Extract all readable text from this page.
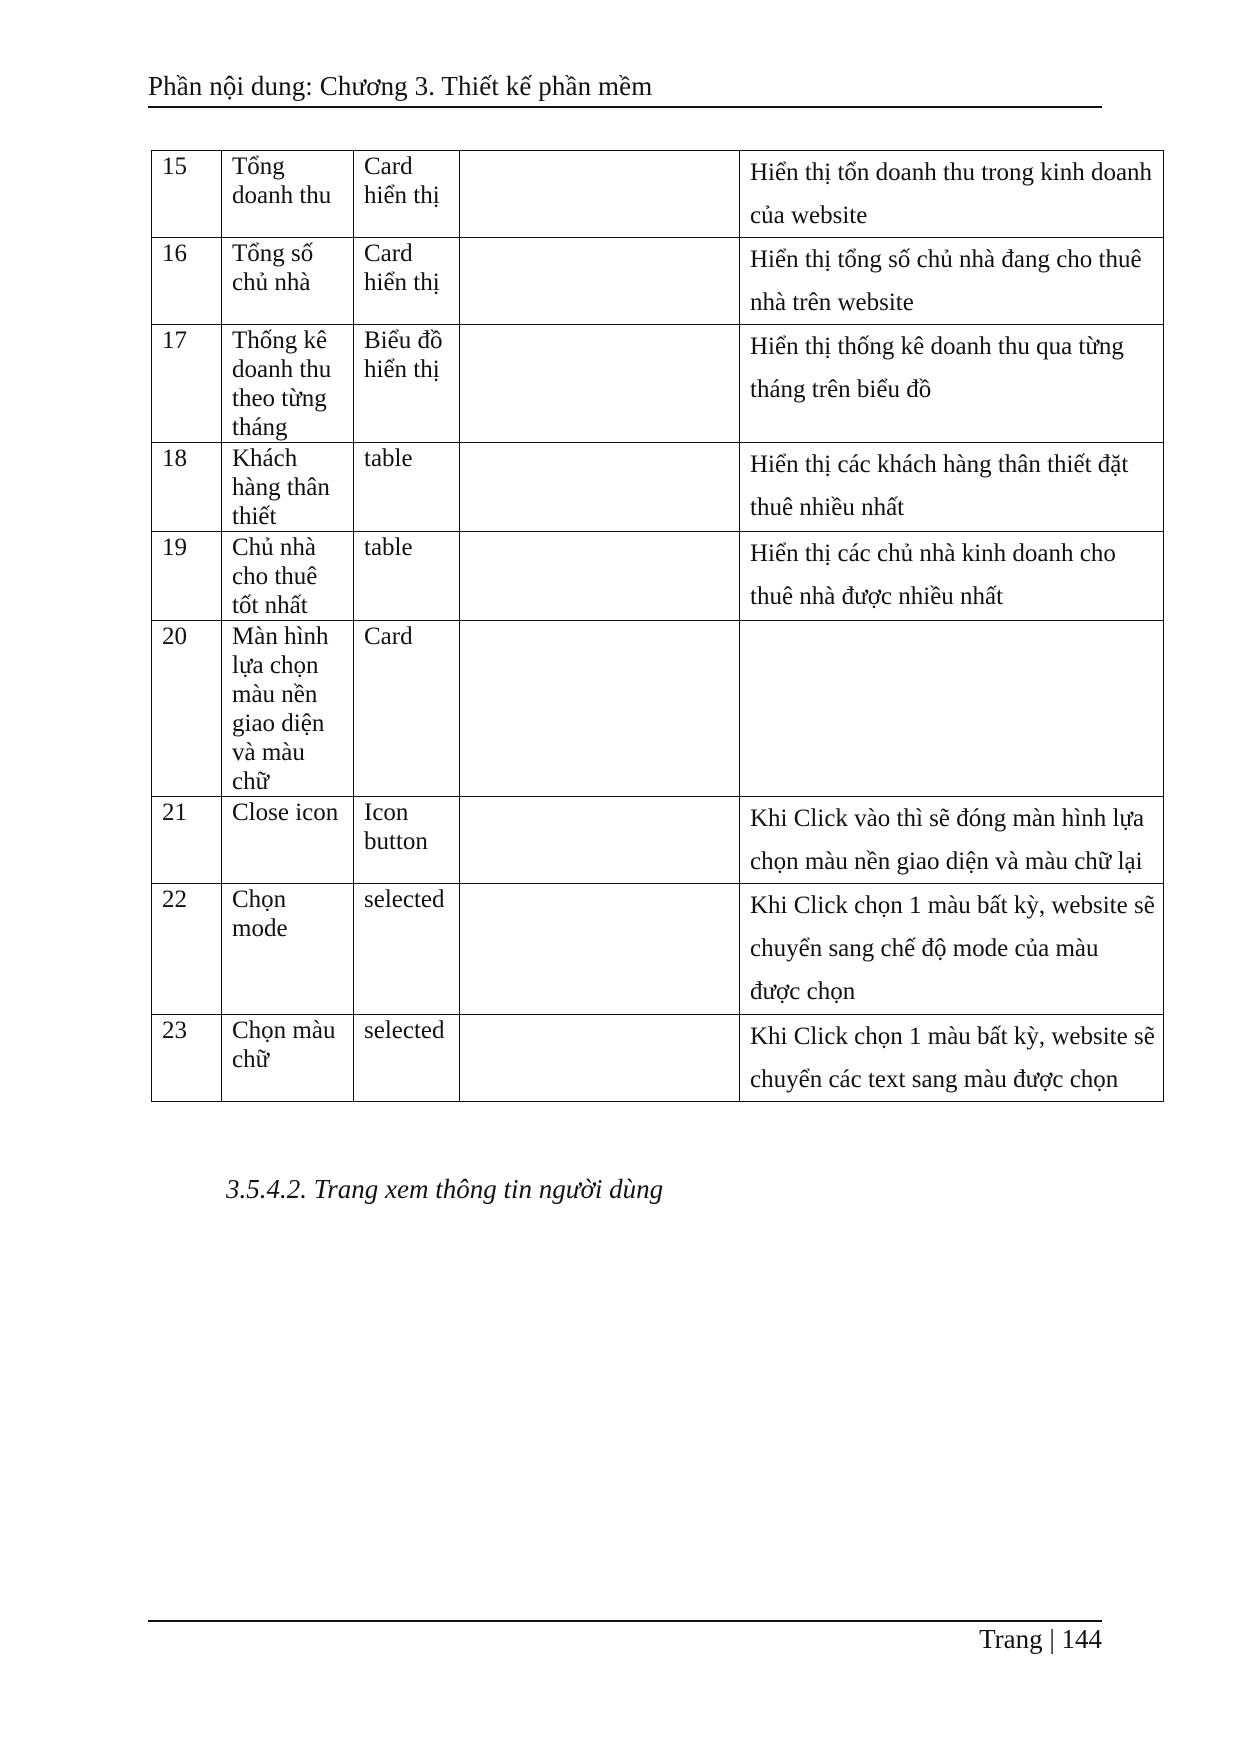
Phần nội dung: Chương 3. Thiết kế phần mềm
15	Tổng doanh thu	Card hiển thị		Hiển thị tổn doanh thu trong kinh doanh của website
16	Tổng số chủ nhà	Card hiển thị		Hiển thị tổng số chủ nhà đang cho thuê nhà trên website
17	Thống kê doanh thu theo từng tháng	Biểu đồ hiển thị		Hiển thị thống kê doanh thu qua từng tháng trên biểu đồ
18	Khách hàng thân thiết	table		Hiển thị các khách hàng thân thiết đặt thuê nhiều nhất
19	Chủ nhà cho thuê tốt nhất	table		Hiển thị các chủ nhà kinh doanh cho thuê nhà được nhiều nhất
20	Màn hình lựa chọn màu nền giao diện và màu chữ	Card		
21	Close icon	Icon button		Khi Click vào thì sẽ đóng màn hình lựa chọn màu nền giao diện và màu chữ lại
22	Chọn mode	selected		Khi Click chọn 1 màu bất kỳ, website sẽ chuyển sang chế độ mode của màu được chọn
23	Chọn màu chữ	selected		Khi Click chọn 1 màu bất kỳ, website sẽ chuyển các text sang màu được chọn
3.5.4.2. Trang xem thông tin người dùng
Trang | 144
